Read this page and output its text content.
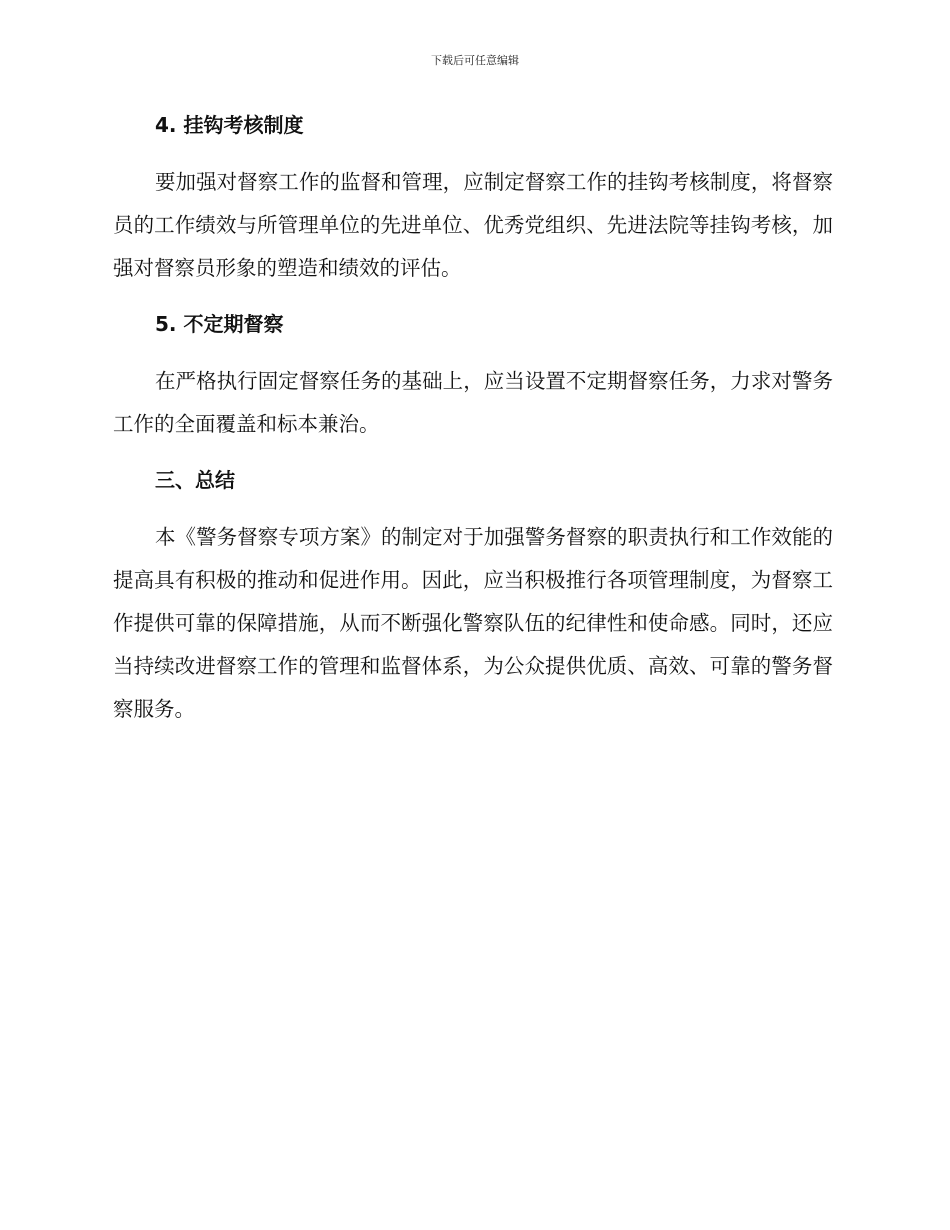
下载后可任意编辑
4. 挂钩考核制度

要加强对督察工作的监督和管理，应制定督察工作的挂钩考核制度，将督察员的工作绩效与所管理单位的先进单位、优秀党组织、先进法院等挂钩考核，加强对督察员形象的塑造和绩效的评估。

5. 不定期督察

在严格执行固定督察任务的基础上，应当设置不定期督察任务，力求对警务工作的全面覆盖和标本兼治。

三、总结

本《警务督察专项方案》的制定对于加强警务督察的职责执行和工作效能的提高具有积极的推动和促进作用。因此，应当积极推行各项管理制度，为督察工作提供可靠的保障措施，从而不断强化警察队伍的纪律性和使命感。同时，还应当持续改进督察工作的管理和监督体系，为公众提供优质、高效、可靠的警务督察服务。
